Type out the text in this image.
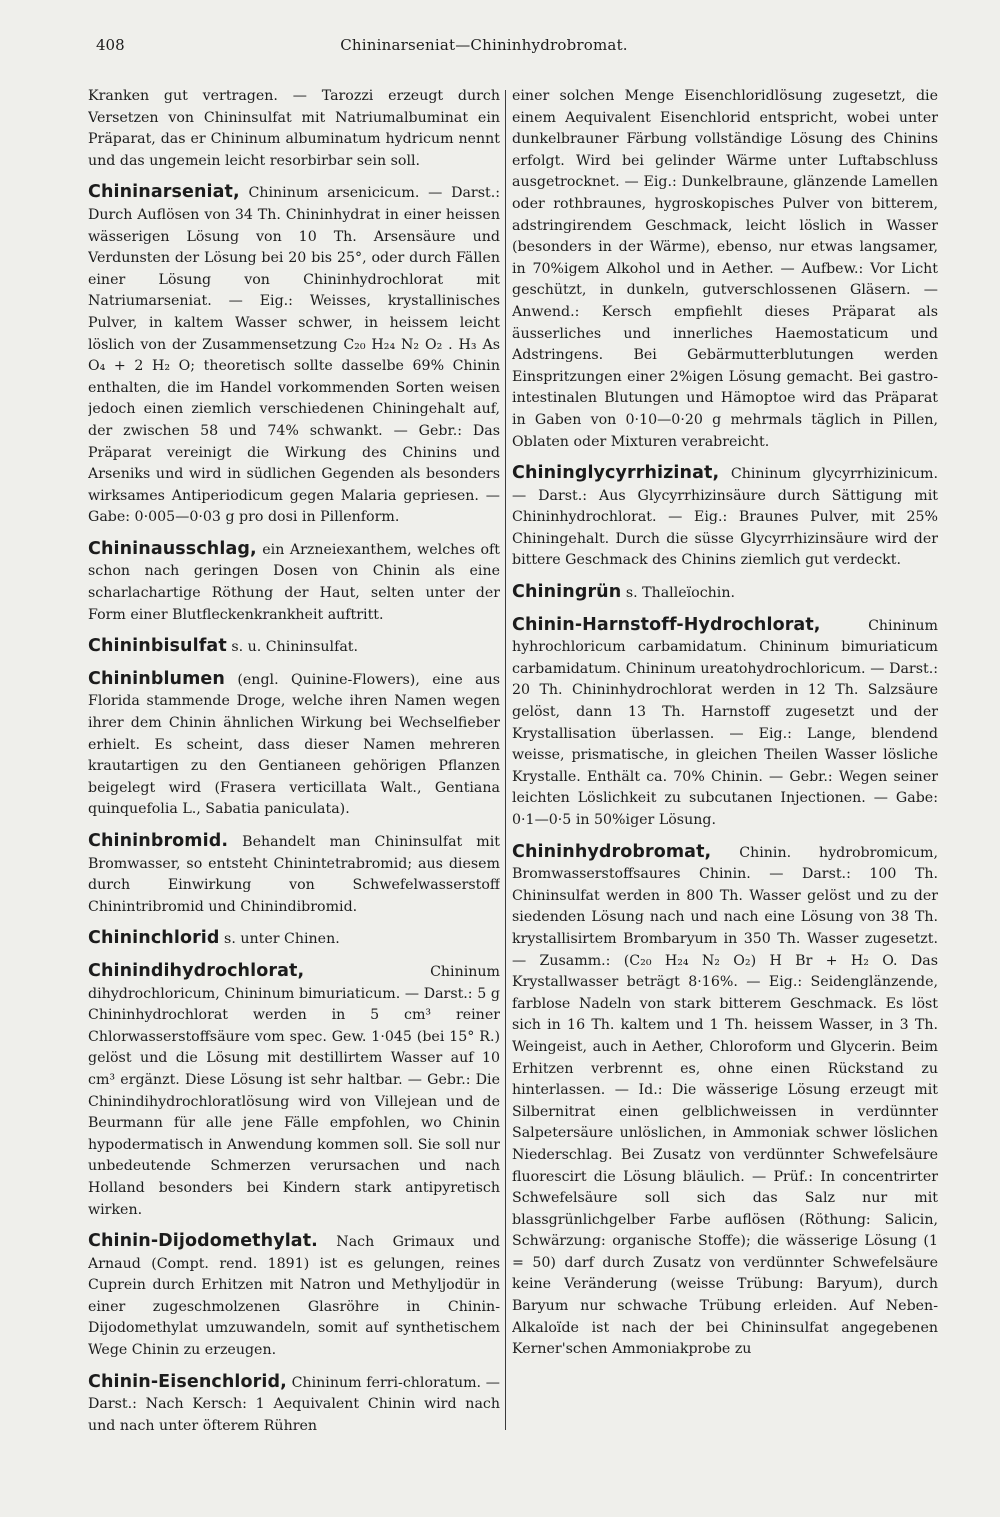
408	Chininarseniat—Chininhydrobromat.

Kranken gut vertragen. — Tarozzi erzeugt durch Versetzen von Chininsulfat mit Natriumalbuminat ein Präparat, das er Chininum albuminatum hydricum nennt und das ungemein leicht resorbirbar sein soll.

Chininarseniat, Chininum arsenicicum. — Darst.: Durch Auflösen von 34 Th. Chininhydrat in einer heissen wässerigen Lösung von 10 Th. Arsensäure und Verdunsten der Lösung bei 20 bis 25°, oder durch Fällen einer Lösung von Chininhydrochlorat mit Natriumarseniat. — Eig.: Weisses, krystallinisches Pulver, in kaltem Wasser schwer, in heissem leicht löslich von der Zusammensetzung C₂₀ H₂₄ N₂ O₂ . H₃ As O₄ + 2 H₂ O; theoretisch sollte dasselbe 69% Chinin enthalten, die im Handel vorkommenden Sorten weisen jedoch einen ziemlich verschiedenen Chiningehalt auf, der zwischen 58 und 74% schwankt. — Gebr.: Das Präparat vereinigt die Wirkung des Chinins und Arseniks und wird in südlichen Gegenden als besonders wirksames Antiperiodicum gegen Malaria gepriesen. — Gabe: 0·005—0·03 g pro dosi in Pillenform.

Chininausschlag, ein Arzneiexanthem, welches oft schon nach geringen Dosen von Chinin als eine scharlachartige Röthung der Haut, selten unter der Form einer Blutfleckenkrankheit auftritt.

Chininbisulfat s. u. Chininsulfat.

Chininblumen (engl. Quinine-Flowers), eine aus Florida stammende Droge, welche ihren Namen wegen ihrer dem Chinin ähnlichen Wirkung bei Wechselfieber erhielt. Es scheint, dass dieser Namen mehreren krautartigen zu den Gentianeen gehörigen Pflanzen beigelegt wird (Frasera verticillata Walt., Gentiana quinquefolia L., Sabatia paniculata).

Chininbromid. Behandelt man Chininsulfat mit Bromwasser, so entsteht Chinintetrabromid; aus diesem durch Einwirkung von Schwefelwasserstoff Chinintribromid und Chinindibromid.

Chininchlorid s. unter Chinen.

Chinindihydrochlorat,	Chininum dihydrochloricum, Chininum bimuriaticum. — Darst.: 5 g Chininhydrochlorat werden in 5 cm³ reiner Chlorwasserstoffsäure vom spec. Gew. 1·045 (bei 15° R.) gelöst und die Lösung mit destillirtem Wasser auf 10 cm³ ergänzt. Diese Lösung ist sehr haltbar. — Gebr.: Die Chinindihydrochloratlösung wird von Villejean und de Beurmann für alle jene Fälle empfohlen, wo Chinin hypodermatisch in Anwendung kommen soll. Sie soll nur unbedeutende Schmerzen verursachen und nach Holland besonders bei Kindern stark antipyretisch wirken.

Chinin-Dijodomethylat. Nach Grimaux und Arnaud (Compt. rend. 1891) ist es gelungen, reines Cuprein durch Erhitzen mit Natron und Methyljodür in einer zugeschmolzenen Glasröhre in Chinin-Dijodomethylat umzuwandeln, somit auf synthetischem Wege Chinin zu erzeugen.

Chinin-Eisenchlorid, Chininum ferri-chloratum. — Darst.: Nach Kersch: 1 Aequivalent Chinin wird nach und nach unter öfterem Rühren

einer solchen Menge Eisenchloridlösung zugesetzt, die einem Aequivalent Eisenchlorid entspricht, wobei unter dunkelbrauner Färbung vollständige Lösung des Chinins erfolgt. Wird bei gelinder Wärme unter Luftabschluss ausgetrocknet. — Eig.: Dunkelbraune, glänzende Lamellen oder rothbraunes, hygroskopisches Pulver von bitterem, adstringirendem Geschmack, leicht löslich in Wasser (besonders in der Wärme), ebenso, nur etwas langsamer, in 70%igem Alkohol und in Aether. — Aufbew.: Vor Licht geschützt, in dunkeln, gutverschlossenen Gläsern. — Anwend.: Kersch empfiehlt dieses Präparat als äusserliches und innerliches Haemostaticum und Adstringens. Bei Gebärmutterblutungen werden Einspritzungen einer 2%igen Lösung gemacht. Bei gastro-intestinalen Blutungen und Hämoptoe wird das Präparat in Gaben von 0·10—0·20 g mehrmals täglich in Pillen, Oblaten oder Mixturen verabreicht.

Chininglycyrrhizinat, Chininum glycyrrhizinicum. — Darst.: Aus Glycyrrhizinsäure durch Sättigung mit Chininhydrochlorat. — Eig.: Braunes Pulver, mit 25% Chiningehalt. Durch die süsse Glycyrrhizinsäure wird der bittere Geschmack des Chinins ziemlich gut verdeckt.

Chiningrün s. Thalleïochin.

Chinin-Harnstoff-Hydrochlorat,	Chininum hyhrochloricum carbamidatum. Chininum bimuriaticum carbamidatum. Chininum ureatohydrochloricum. — Darst.: 20 Th. Chininhydrochlorat werden in 12 Th. Salzsäure gelöst, dann 13 Th. Harnstoff zugesetzt und der Krystallisation überlassen. — Eig.: Lange, blendend weisse, prismatische, in gleichen Theilen Wasser lösliche Krystalle. Enthält ca. 70% Chinin. — Gebr.: Wegen seiner leichten Löslichkeit zu subcutanen Injectionen. — Gabe: 0·1—0·5 in 50%iger Lösung.

Chininhydrobromat, Chinin. hydrobromicum, Bromwasserstoffsaures Chinin. — Darst.: 100 Th. Chininsulfat werden in 800 Th. Wasser gelöst und zu der siedenden Lösung nach und nach eine Lösung von 38 Th. krystallisirtem Brombaryum in 350 Th. Wasser zugesetzt. — Zusamm.: (C₂₀ H₂₄ N₂ O₂) H Br + H₂ O. Das Krystallwasser beträgt 8·16%. — Eig.: Seidenglänzende, farblose Nadeln von stark bitterem Geschmack. Es löst sich in 16 Th. kaltem und 1 Th. heissem Wasser, in 3 Th. Weingeist, auch in Aether, Chloroform und Glycerin. Beim Erhitzen verbrennt es, ohne einen Rückstand zu hinterlassen. — Id.: Die wässerige Lösung erzeugt mit Silbernitrat einen gelblichweissen in verdünnter Salpetersäure unlöslichen, in Ammoniak schwer löslichen Niederschlag. Bei Zusatz von verdünnter Schwefelsäure fluorescirt die Lösung bläulich. — Prüf.: In concentrirter Schwefelsäure soll sich das Salz nur mit blassgrünlichgelber Farbe auflösen (Röthung: Salicin, Schwärzung: organische Stoffe); die wässerige Lösung (1 = 50) darf durch Zusatz von verdünnter Schwefelsäure keine Veränderung (weisse Trübung: Baryum), durch Baryum nur schwache Trübung erleiden. Auf Neben-Alkaloïde ist nach der bei Chininsulfat angegebenen Kerner'schen Ammoniakprobe zu
